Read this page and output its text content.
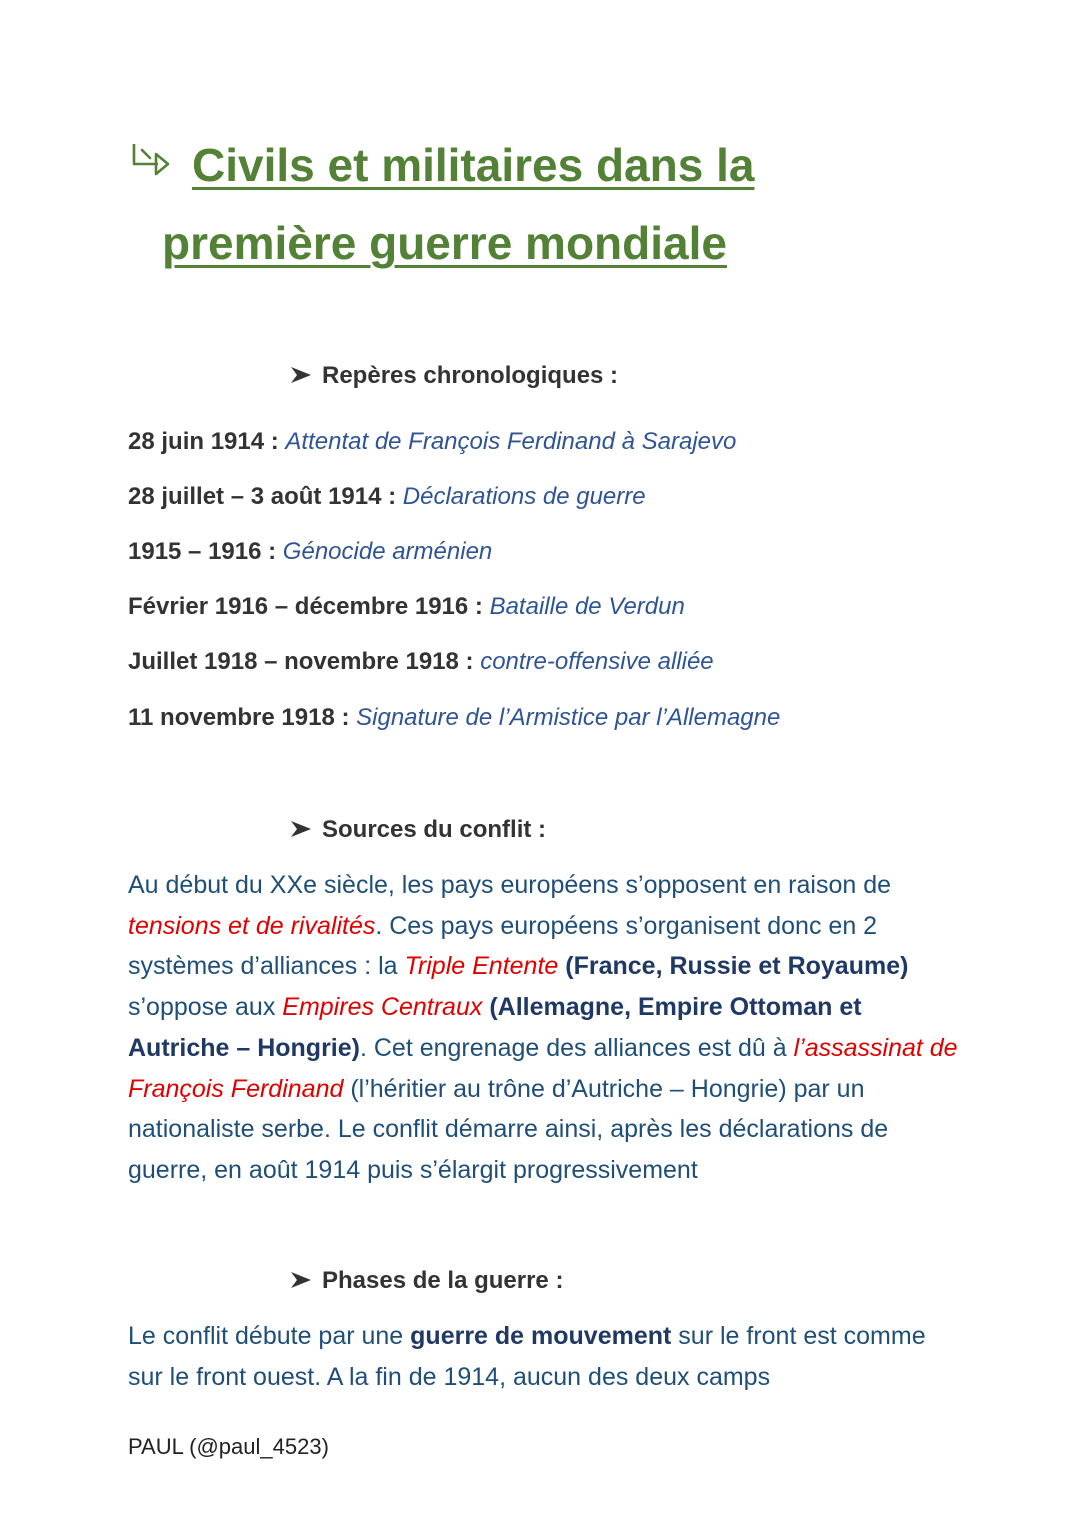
Civils et militaires dans la
première guerre mondiale
Repères chronologiques :
28 juin 1914 : Attentat de François Ferdinand à Sarajevo
28 juillet – 3 août 1914 : Déclarations de guerre
1915 – 1916 : Génocide arménien
Février 1916 – décembre 1916 : Bataille de Verdun
Juillet 1918 – novembre 1918 : contre-offensive alliée
11 novembre 1918 : Signature de l’Armistice par l’Allemagne
Sources du conflit :

Au début du XXe siècle, les pays européens s’opposent en raison de tensions et de rivalités. Ces pays européens s’organisent donc en 2 systèmes d’alliances : la Triple Entente (France, Russie et Royaume) s’oppose aux Empires Centraux (Allemagne, Empire Ottoman et Autriche – Hongrie). Cet engrenage des alliances est dû à l’assassinat de François Ferdinand (l’héritier au trône d’Autriche – Hongrie) par un nationaliste serbe. Le conflit démarre ainsi, après les déclarations de guerre, en août 1914 puis s’élargit progressivement

Phases de la guerre :

Le conflit débute par une guerre de mouvement sur le front est comme sur le front ouest. A la fin de 1914, aucun des deux camps

PAUL (@paul_4523)
